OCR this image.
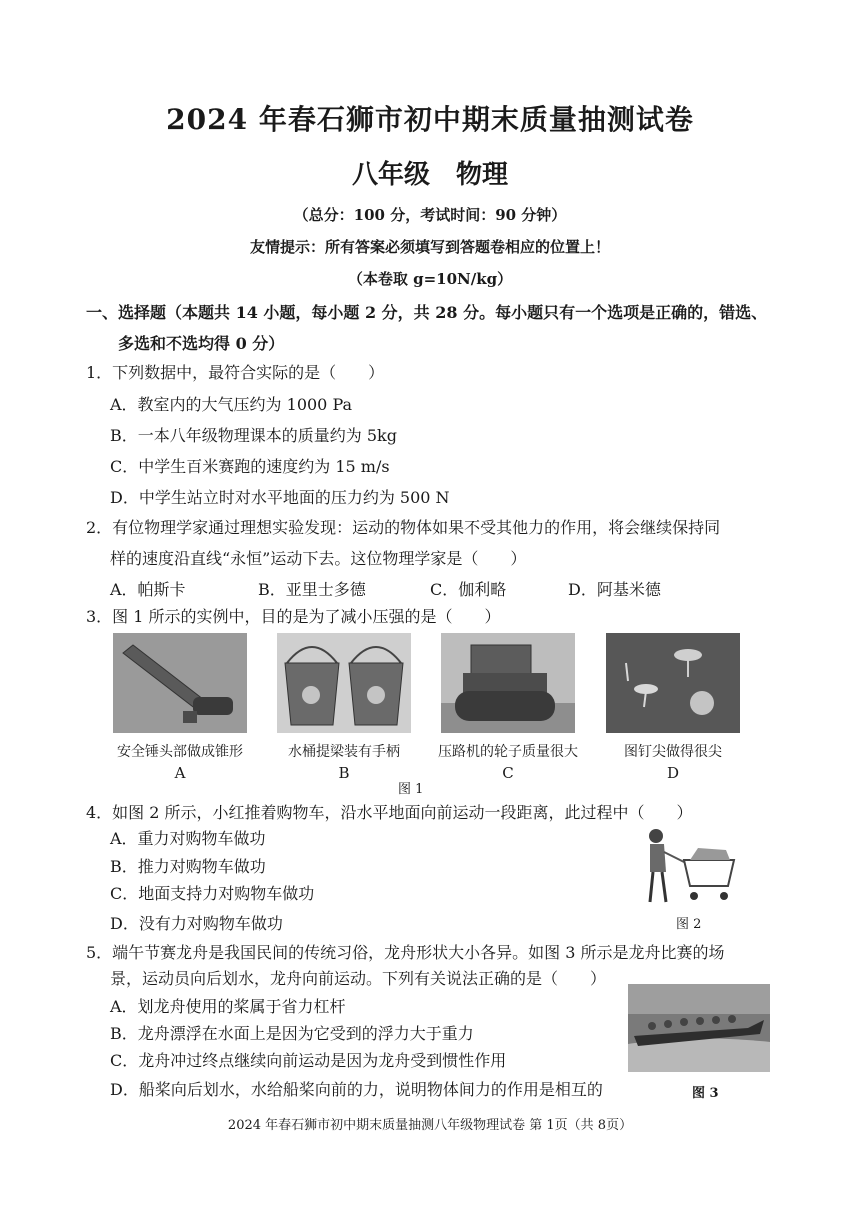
2024 年春石狮市初中期末质量抽测试卷
八年级　物理
（总分：100 分，考试时间：90 分钟）
友情提示：所有答案必须填写到答题卷相应的位置上！
（本卷取 g=10N/kg）
一、选择题（本题共 14 小题，每小题 2 分，共 28 分。每小题只有一个选项是正确的，错选、
多选和不选均得 0 分）
1．下列数据中，最符合实际的是（　　）
A．教室内的大气压约为 1000 Pa
B．一本八年级物理课本的质量约为 5kg
C．中学生百米赛跑的速度约为 15 m/s
D．中学生站立时对水平地面的压力约为 500 N
2．有位物理学家通过理想实验发现：运动的物体如果不受其他力的作用，将会继续保持同
样的速度沿直线“永恒”运动下去。这位物理学家是（　　）
A．帕斯卡	B．亚里士多德	C．伽利略	D．阿基米德
3．图 1 所示的实例中，目的是为了减小压强的是（　　）
安全锤头部做成锥形
A
水桶提梁装有手柄
B
压路机的轮子质量很大
C
图钉尖做得很尖
D
图 1
4．如图 2 所示，小红推着购物车，沿水平地面向前运动一段距离，此过程中（　　）
A．重力对购物车做功
B．推力对购物车做功
C．地面支持力对购物车做功
D．没有力对购物车做功	图 2
5．端午节赛龙舟是我国民间的传统习俗，龙舟形状大小各异。如图 3 所示是龙舟比赛的场
景，运动员向后划水，龙舟向前运动。下列有关说法正确的是（　　）
A．划龙舟使用的桨属于省力杠杆
B．龙舟漂浮在水面上是因为它受到的浮力大于重力
C．龙舟冲过终点继续向前运动是因为龙舟受到惯性作用
D．船桨向后划水，水给船桨向前的力，说明物体间力的作用是相互的	图 3
2024 年春石狮市初中期末质量抽测八年级物理试卷 第 1页（共 8页）
